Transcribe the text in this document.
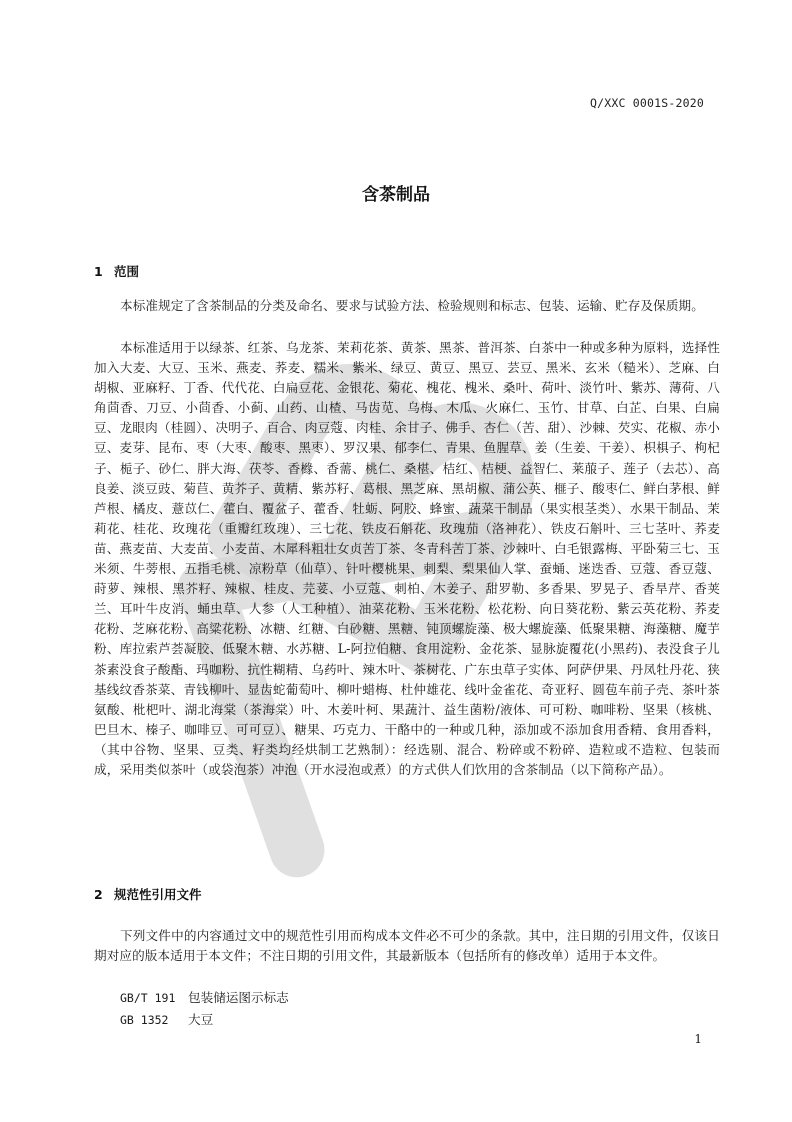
Q/XXC 0001S-2020
含茶制品
1 范围

本标准规定了含茶制品的分类及命名、要求与试验方法、检验规则和标志、包装、运输、贮存及保质期。

本标准适用于以绿茶、红茶、乌龙茶、茉莉花茶、黄茶、黑茶、普洱茶、白茶中一种或多种为原料，选择性加入大麦、大豆、玉米、燕麦、荞麦、糯米、紫米、绿豆、黄豆、黑豆、芸豆、黑米、玄米（糙米）、芝麻、白胡椒、亚麻籽、丁香、代代花、白扁豆花、金银花、菊花、槐花、槐米、桑叶、荷叶、淡竹叶、紫苏、薄荷、八角茴香、刀豆、小茴香、小蓟、山药、山楂、马齿苋、乌梅、木瓜、火麻仁、玉竹、甘草、白芷、白果、白扁豆、龙眼肉（桂圆）、决明子、百合、肉豆蔻、肉桂、余甘子、佛手、杏仁（苦、甜）、沙棘、芡实、花椒、赤小豆、麦芽、昆布、枣（大枣、酸枣、黑枣）、罗汉果、郁李仁、青果、鱼腥草、姜（生姜、干姜）、枳椇子、枸杞子、栀子、砂仁、胖大海、茯苓、香橼、香薷、桃仁、桑椹、桔红、桔梗、益智仁、莱菔子、莲子（去芯）、高良姜、淡豆豉、菊苣、黄芥子、黄精、紫苏籽、葛根、黑芝麻、黑胡椒、蒲公英、榧子、酸枣仁、鲜白茅根、鲜芦根、橘皮、薏苡仁、藿白、覆盆子、藿香、牡蛎、阿胶、蜂蜜、蔬菜干制品（果实根茎类）、水果干制品、茉莉花、桂花、玫瑰花（重瓣红玫瑰）、三七花、铁皮石斛花、玫瑰茄（洛神花）、铁皮石斛叶、三七茎叶、荞麦苗、燕麦苗、大麦苗、小麦苗、木犀科粗壮女贞苦丁茶、冬青科苦丁茶、沙棘叶、白毛银露梅、平卧菊三七、玉米须、牛蒡根、五指毛桃、凉粉草（仙草）、针叶樱桃果、刺梨、梨果仙人掌、蚕蛹、迷迭香、豆蔻、香豆蔻、莳萝、辣根、黑芥籽、辣椒、桂皮、芫荽、小豆蔻、刺柏、木姜子、甜罗勒、多香果、罗晃子、香旱芹、香荚兰、耳叶牛皮消、蛹虫草、人参（人工种植）、油菜花粉、玉米花粉、松花粉、向日葵花粉、紫云英花粉、荞麦花粉、芝麻花粉、高粱花粉、冰糖、红糖、白砂糖、黑糖、钝顶螺旋藻、极大螺旋藻、低聚果糖、海藻糖、魔芋粉、库拉索芦荟凝胶、低聚木糖、水苏糖、L-阿拉伯糖、食用淀粉、金花茶、显脉旋覆花(小黑药)、表没食子儿茶素没食子酸酯、玛咖粉、抗性糊精、乌药叶、辣木叶、茶树花、广东虫草子实体、阿萨伊果、丹凤牡丹花、狭基线纹香茶菜、青钱柳叶、显齿蛇葡萄叶、柳叶蜡梅、杜仲雄花、线叶金雀花、奇亚籽、圆苞车前子壳、茶叶茶氨酸、枇杷叶、湖北海棠（茶海棠）叶、木姜叶柯、果蔬汁、益生菌粉/液体、可可粉、咖啡粉、坚果（核桃、巴旦木、榛子、咖啡豆、可可豆）、糖果、巧克力、干酪中的一种或几种，添加或不添加食用香精、食用香料，（其中谷物、坚果、豆类、籽类均经烘制工艺熟制）：经选剔、混合、粉碎或不粉碎、造粒或不造粒、包装而成，采用类似茶叶（或袋泡茶）冲泡（开水浸泡或煮）的方式供人们饮用的含茶制品（以下简称产品）。

2 规范性引用文件

下列文件中的内容通过文中的规范性引用而构成本文件必不可少的条款。其中，注日期的引用文件，仅该日期对应的版本适用于本文件；不注日期的引用文件，其最新版本（包括所有的修改单）适用于本文件。

GB/T 191 包装储运图示标志
GB 1352 大豆
1
